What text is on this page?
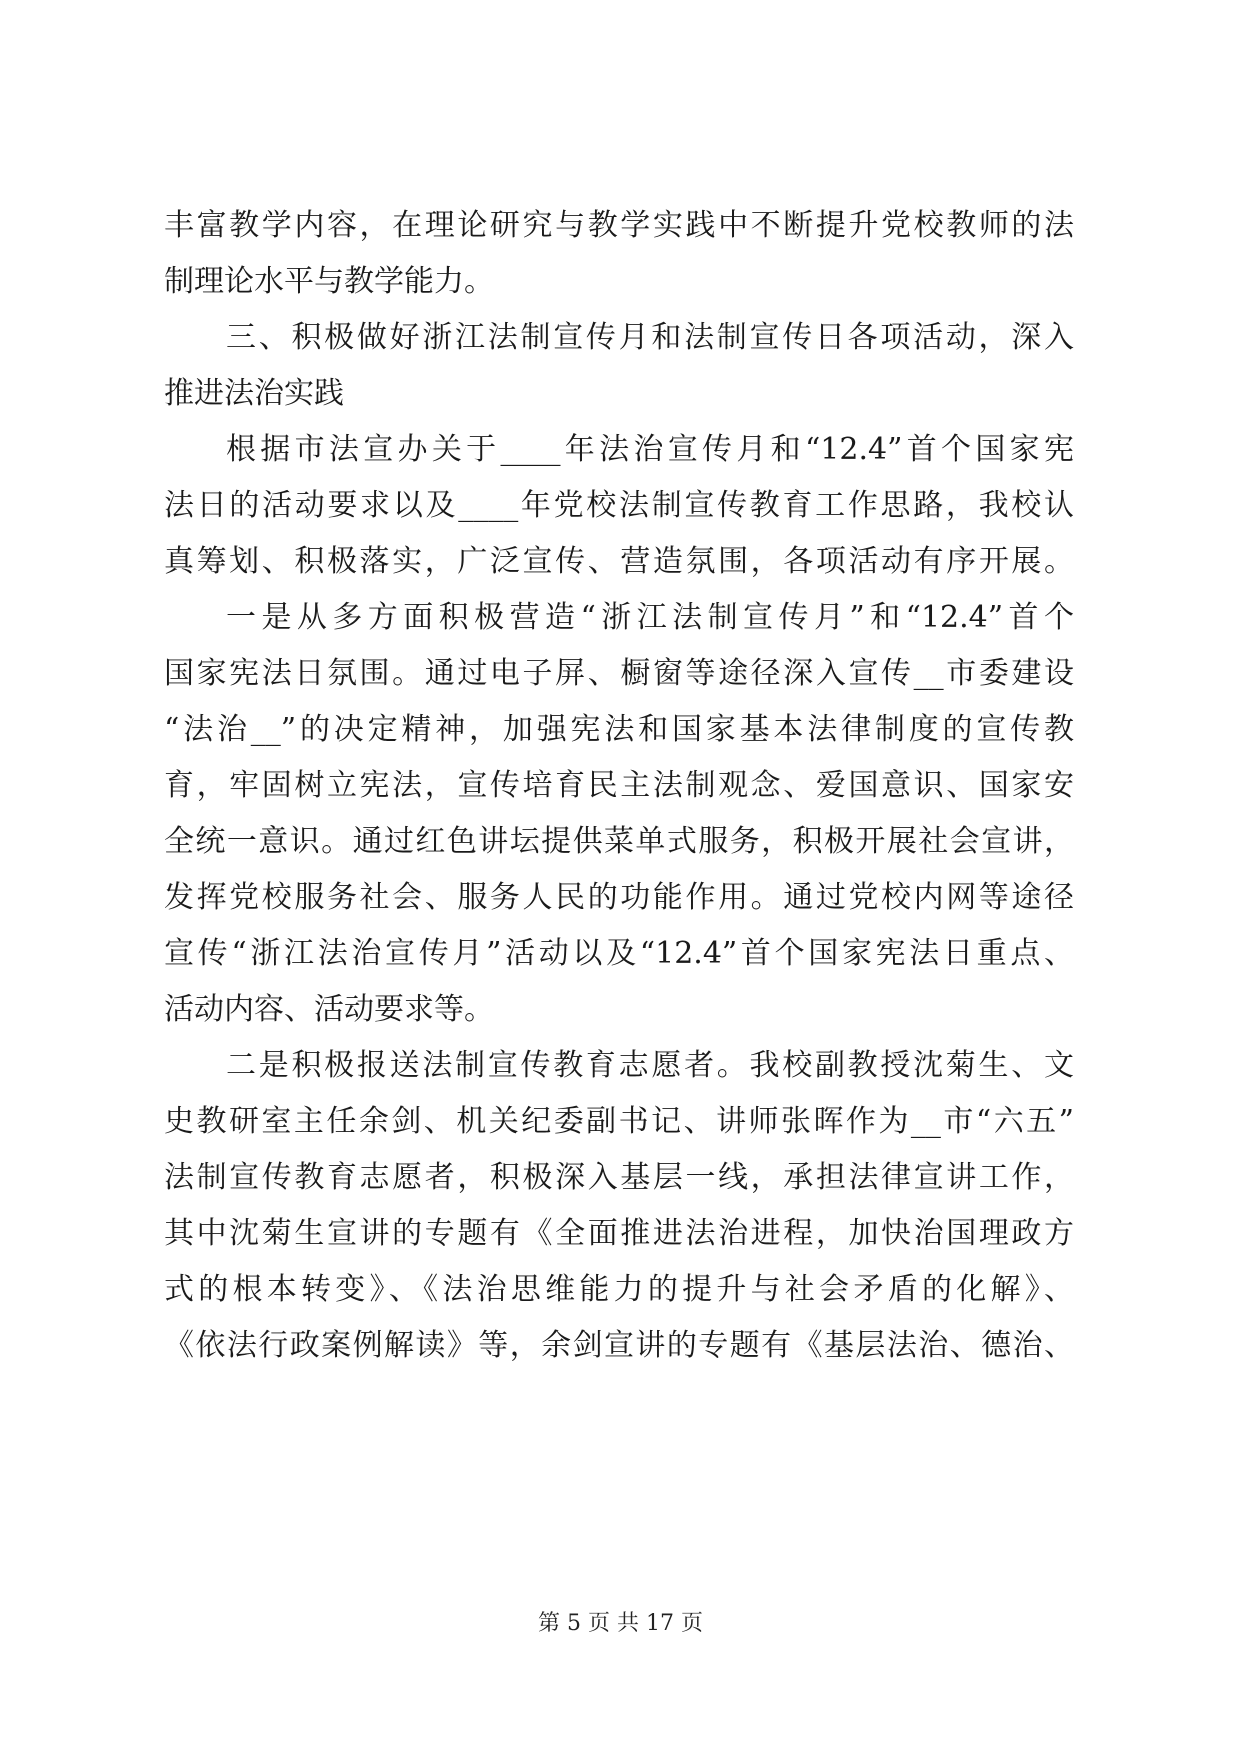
丰富教学内容，在理论研究与教学实践中不断提升党校教师的法
制理论水平与教学能力。
三、积极做好浙江法制宣传月和法制宣传日各项活动，深入
推进法治实践
根据市法宣办关于____年法治宣传月和“12.4”首个国家宪
法日的活动要求以及____年党校法制宣传教育工作思路，我校认
真筹划、积极落实，广泛宣传、营造氛围，各项活动有序开展。
一是从多方面积极营造“浙江法制宣传月”和“12.4”首个
国家宪法日氛围。通过电子屏、橱窗等途径深入宣传__市委建设
“法治__”的决定精神，加强宪法和国家基本法律制度的宣传教
育，牢固树立宪法，宣传培育民主法制观念、爱国意识、国家安
全统一意识。通过红色讲坛提供菜单式服务，积极开展社会宣讲，
发挥党校服务社会、服务人民的功能作用。通过党校内网等途径
宣传“浙江法治宣传月”活动以及“12.4”首个国家宪法日重点、
活动内容、活动要求等。
二是积极报送法制宣传教育志愿者。我校副教授沈菊生、文
史教研室主任余剑、机关纪委副书记、讲师张晖作为__市“六五”
法制宣传教育志愿者，积极深入基层一线，承担法律宣讲工作，
其中沈菊生宣讲的专题有《全面推进法治进程，加快治国理政方
式的根本转变》、《法治思维能力的提升与社会矛盾的化解》、
《依法行政案例解读》等，余剑宣讲的专题有《基层法治、德治、
第 5 页 共 17 页
